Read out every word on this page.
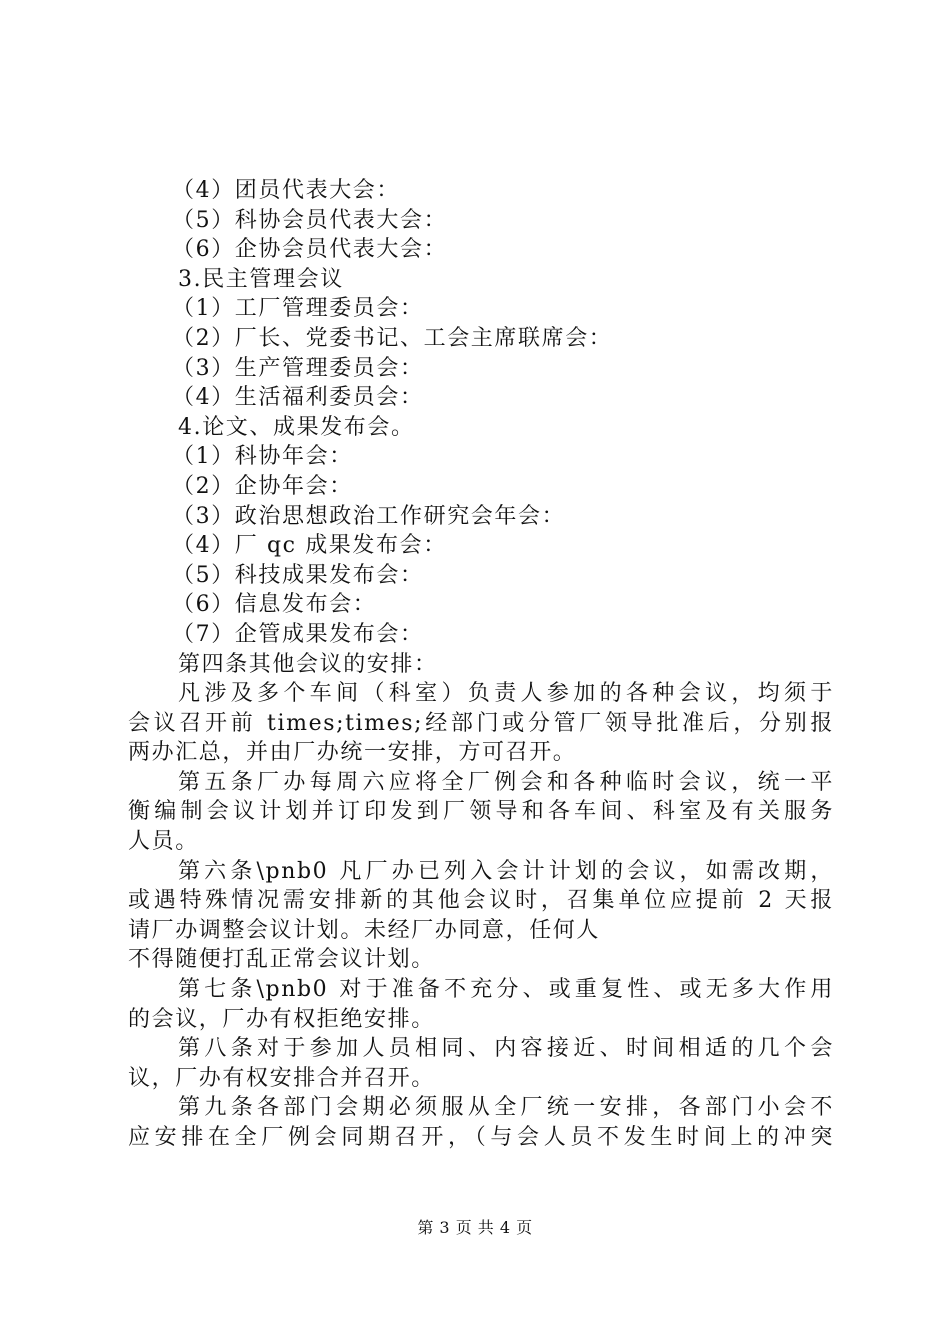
（4）团员代表大会：
（5）科协会员代表大会：
（6）企协会员代表大会：
3.民主管理会议
（1）工厂管理委员会：
（2）厂长、党委书记、工会主席联席会：
（3）生产管理委员会：
（4）生活福利委员会：
4.论文、成果发布会。
（1）科协年会：
（2）企协年会：
（3）政治思想政治工作研究会年会：
（4）厂 qc 成果发布会：
（5）科技成果发布会：
（6）信息发布会：
（7）企管成果发布会：
第四条其他会议的安排：
凡涉及多个车间（科室）负责人参加的各种会议，均须于
会议召开前 times;times;经部门或分管厂领导批准后，分别报
两办汇总，并由厂办统一安排，方可召开。
第五条厂办每周六应将全厂例会和各种临时会议，统一平
衡编制会议计划并订印发到厂领导和各车间、科室及有关服务
人员。
第六条\pnb0 凡厂办已列入会计计划的会议，如需改期，
或遇特殊情况需安排新的其他会议时，召集单位应提前 2 天报
请厂办调整会议计划。未经厂办同意，任何人
不得随便打乱正常会议计划。
第七条\pnb0 对于准备不充分、或重复性、或无多大作用
的会议，厂办有权拒绝安排。
第八条对于参加人员相同、内容接近、时间相适的几个会
议，厂办有权安排合并召开。
第九条各部门会期必须服从全厂统一安排，各部门小会不
应安排在全厂例会同期召开，（与会人员不发生时间上的冲突
第 3 页 共 4 页
